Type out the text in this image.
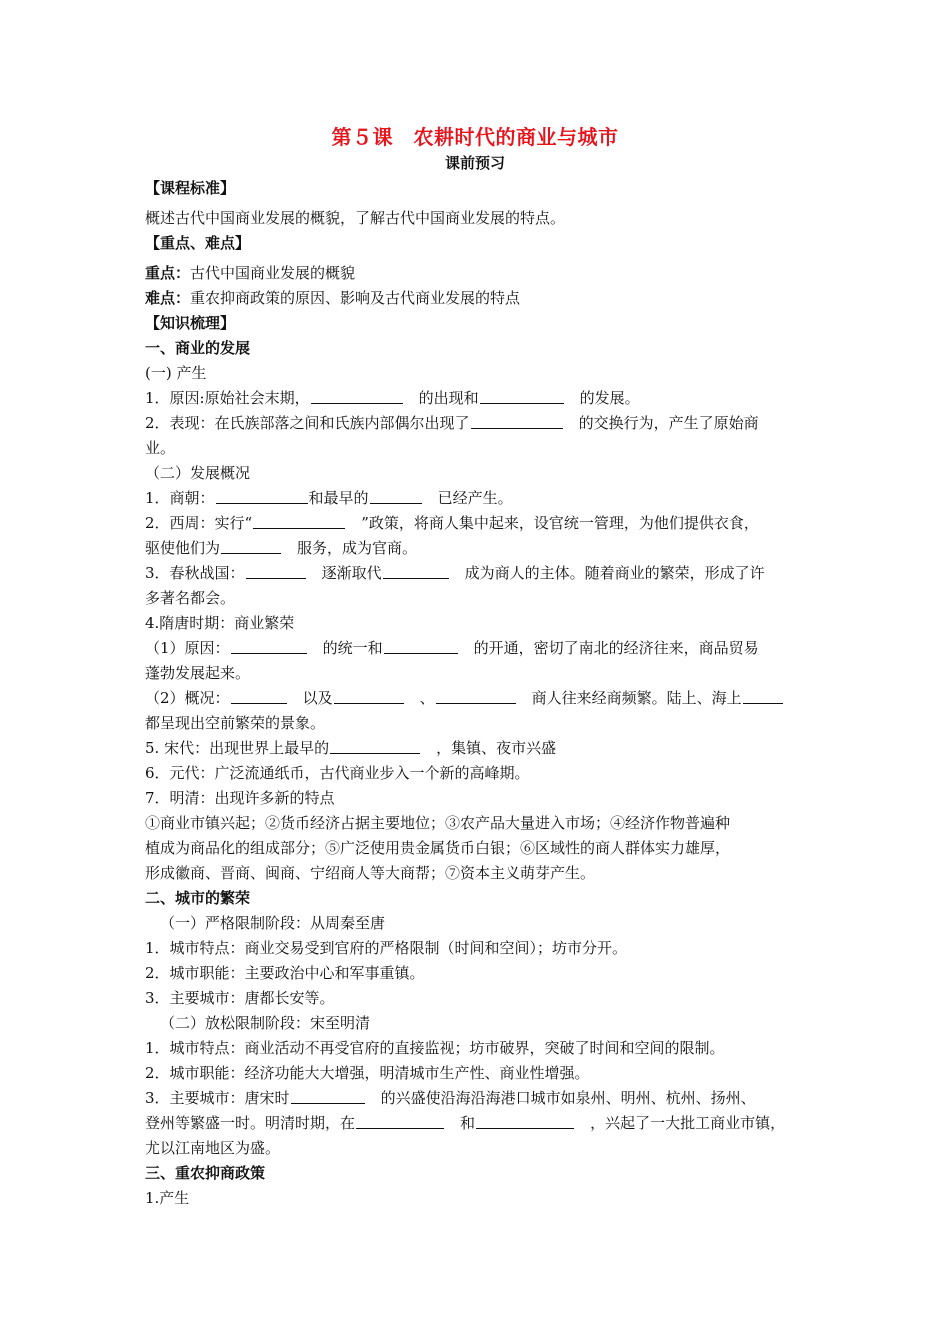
第５课　农耕时代的商业与城市
课前预习
【课程标准】
概述古代中国商业发展的概貌，了解古代中国商业发展的特点。
【重点、难点】
重点：古代中国商业发展的概貌
难点：重农抑商政策的原因、影响及古代商业发展的特点
【知识梳理】
一、商业的发展
(一) 产生
1．原因:原始社会末期，　	的出现和　	的发展。
2．表现：在氏族部落之间和氏族内部偶尔出现了　	的交换行为，产生了原始商
业。
（二）发展概况
1．商朝：	和最早的　	已经产生。
2．西周：实行“　	”政策，将商人集中起来，设官统一管理，为他们提供衣食，
驱使他们为　	服务，成为官商。
3．春秋战国：　	逐渐取代　	成为商人的主体。随着商业的繁荣，形成了许
多著名都会。
4.隋唐时期：商业繁荣
（1）原因：　	的统一和　	的开通，密切了南北的经济往来，商品贸易
蓬勃发展起来。
（2）概况：　	以及　	、　	商人往来经商频繁。陆上、海上
都呈现出空前繁荣的景象。
5. 宋代：出现世界上最早的　	，集镇、夜市兴盛
6．元代：广泛流通纸币，古代商业步入一个新的高峰期。
7．明清：出现许多新的特点
①商业市镇兴起；②货币经济占据主要地位；③农产品大量进入市场；④经济作物普遍种
植成为商品化的组成部分；⑤广泛使用贵金属货币白银；⑥区域性的商人群体实力雄厚，
形成徽商、晋商、闽商、宁绍商人等大商帮；⑦资本主义萌芽产生。
二、城市的繁荣
（一）严格限制阶段：从周秦至唐
1．城市特点：商业交易受到官府的严格限制（时间和空间）；坊市分开。
2．城市职能：主要政治中心和军事重镇。
3．主要城市：唐都长安等。
（二）放松限制阶段：宋至明清
1．城市特点：商业活动不再受官府的直接监视；坊市破界，突破了时间和空间的限制。
2．城市职能：经济功能大大增强，明清城市生产性、商业性增强。
3．主要城市：唐宋时　	的兴盛使沿海沿海港口城市如泉州、明州、杭州、扬州、
登州等繁盛一时。明清时期，在　	和　	，兴起了一大批工商业市镇，
尤以江南地区为盛。
三、重农抑商政策
1.产生
